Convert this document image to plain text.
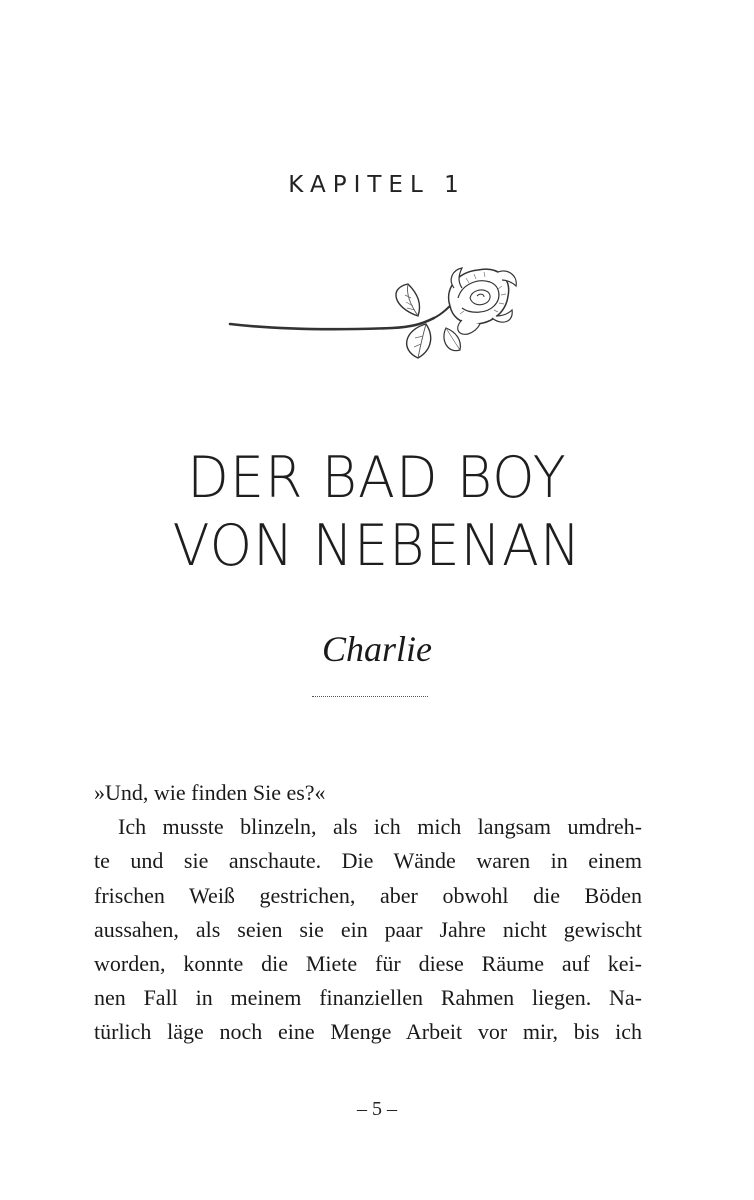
KAPITEL 1
DER BAD BOY
VON NEBENAN
Charlie
»Und, wie finden Sie es?«
Ich musste blinzeln, als ich mich langsam umdreh-
te und sie anschaute. Die Wände waren in einem
frischen Weiß gestrichen, aber obwohl die Böden
aussahen, als seien sie ein paar Jahre nicht gewischt
worden, konnte die Miete für diese Räume auf kei-
nen Fall in meinem finanziellen Rahmen liegen. Na-
türlich läge noch eine Menge Arbeit vor mir, bis ich
– 5 –
